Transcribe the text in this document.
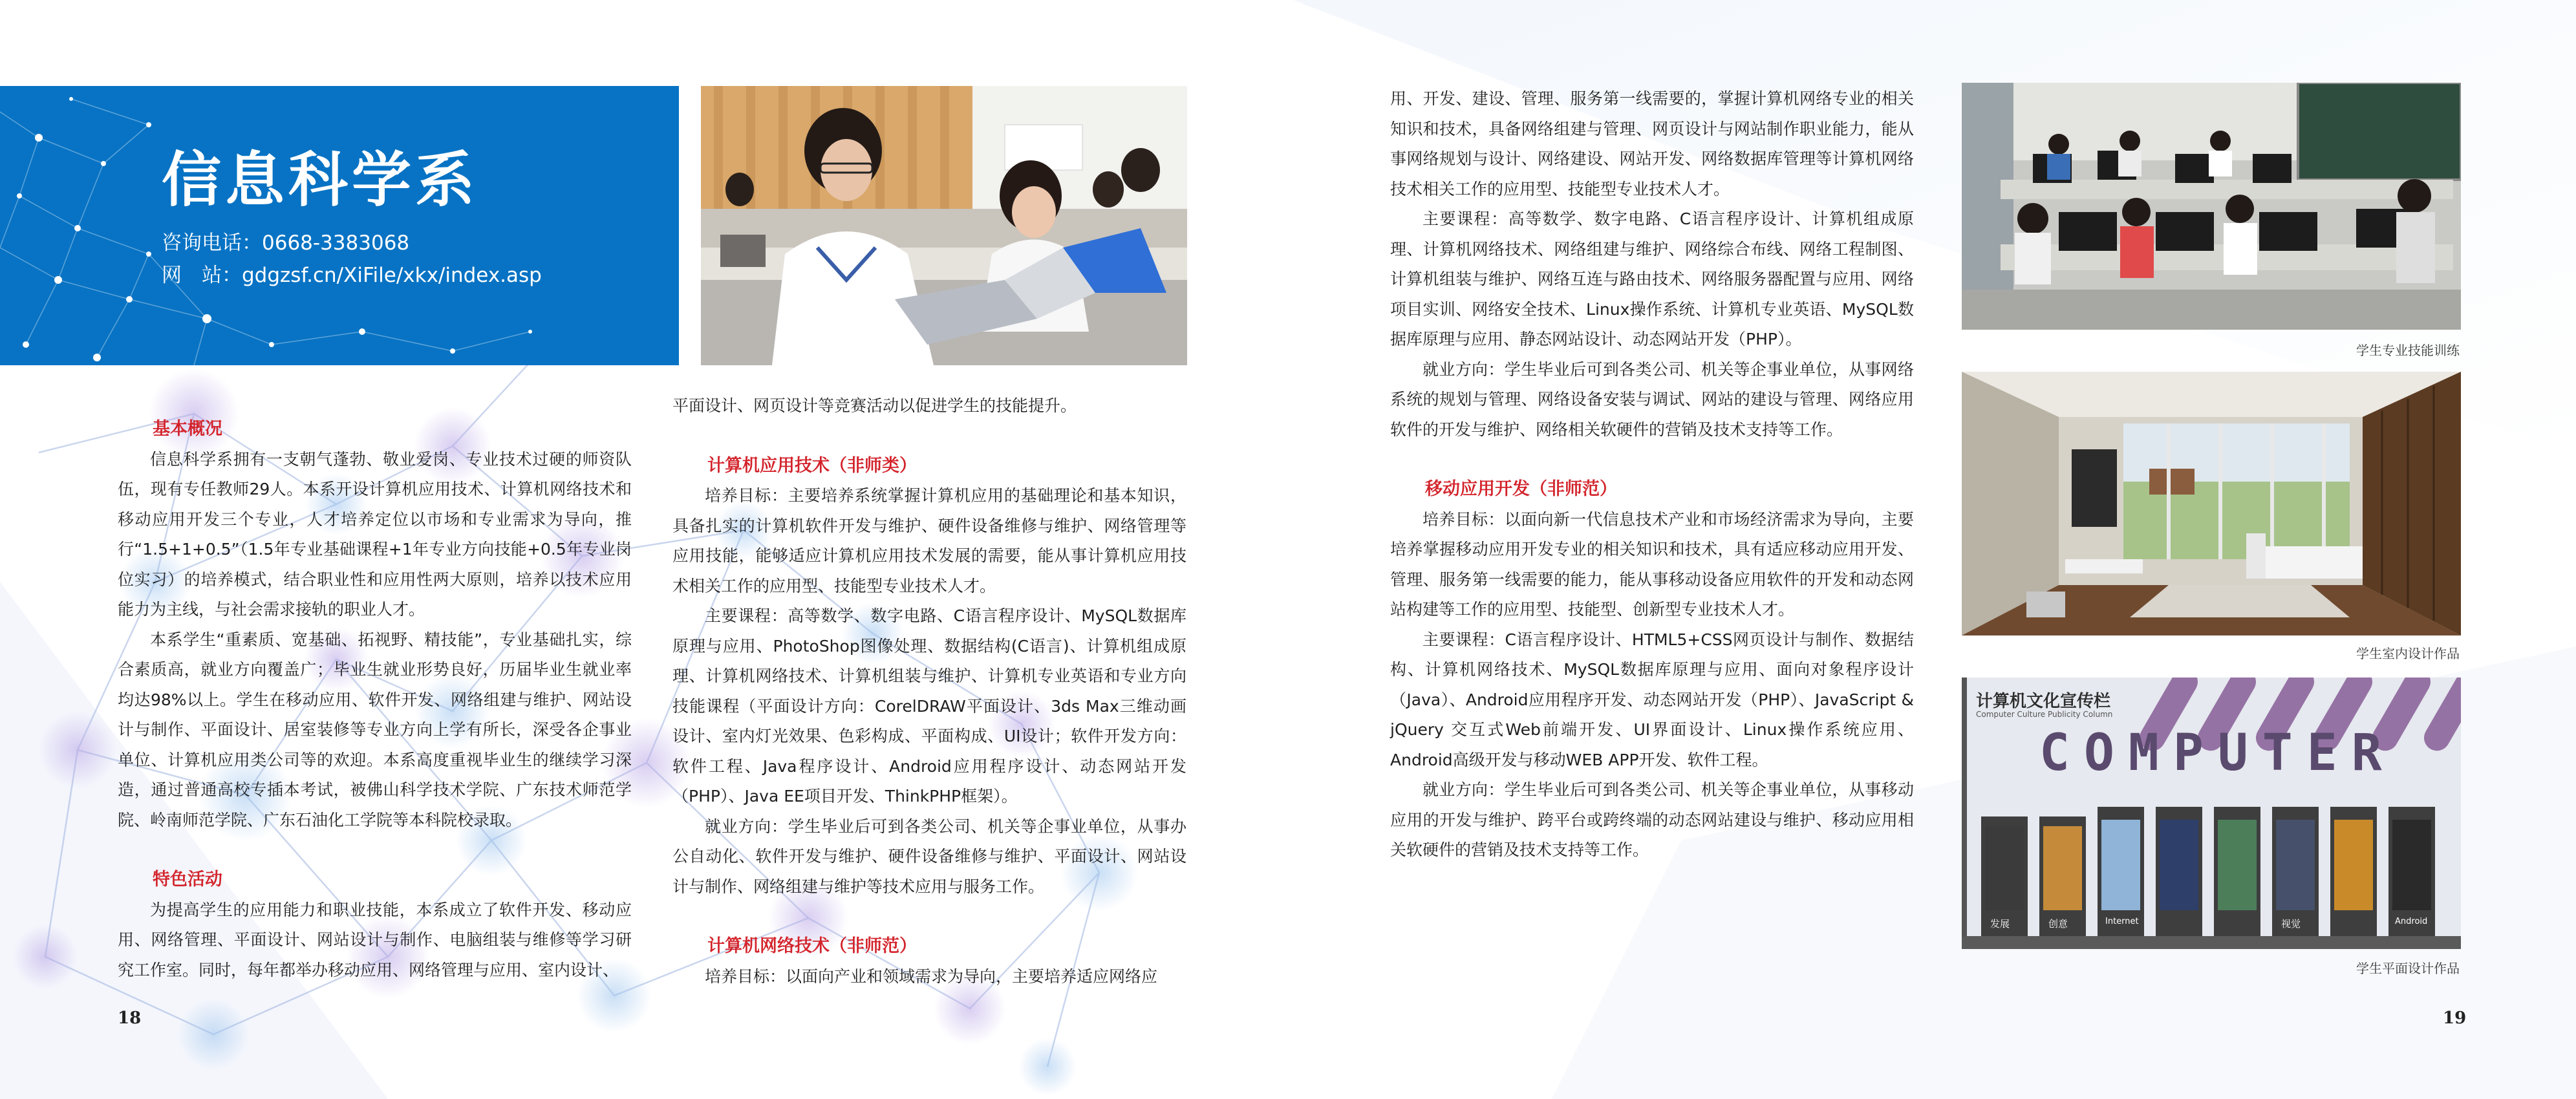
信息科学系
咨询电话：0668-3383068
网　站：gdgzsf.cn/XiFile/xkx/index.asp
基本概况

信息科学系拥有一支朝气蓬勃、敬业爱岗、专业技术过硬的师资队伍，现有专任教师29人。本系开设计算机应用技术、计算机网络技术和移动应用开发三个专业，人才培养定位以市场和专业需求为导向，推行“1.5+1+0.5”（1.5年专业基础课程+1年专业方向技能+0.5年专业岗位实习）的培养模式，结合职业性和应用性两大原则，培养以技术应用能力为主线，与社会需求接轨的职业人才。

本系学生“重素质、宽基础、拓视野、精技能”，专业基础扎实，综合素质高，就业方向覆盖广；毕业生就业形势良好，历届毕业生就业率均达98%以上。学生在移动应用、软件开发、网络组建与维护、网站设计与制作、平面设计、居室装修等专业方向上学有所长，深受各企事业单位、计算机应用类公司等的欢迎。本系高度重视毕业生的继续学习深造，通过普通高校专插本考试，被佛山科学技术学院、广东技术师范学院、岭南师范学院、广东石油化工学院等本科院校录取。

特色活动

为提高学生的应用能力和职业技能，本系成立了软件开发、移动应用、网络管理、平面设计、网站设计与制作、电脑组装与维修等学习研究工作室。同时，每年都举办移动应用、网络管理与应用、室内设计、

平面设计、网页设计等竞赛活动以促进学生的技能提升。

计算机应用技术（非师类）

培养目标：主要培养系统掌握计算机应用的基础理论和基本知识，具备扎实的计算机软件开发与维护、硬件设备维修与维护、网络管理等应用技能，能够适应计算机应用技术发展的需要，能从事计算机应用技术相关工作的应用型、技能型专业技术人才。

主要课程：高等数学、数字电路、C语言程序设计、MySQL数据库原理与应用、PhotoShop图像处理、数据结构(C语言)、计算机组成原理、计算机网络技术、计算机组装与维护、计算机专业英语和专业方向技能课程（平面设计方向：CorelDRAW平面设计、3ds Max三维动画设计、室内灯光效果、色彩构成、平面构成、UI设计；软件开发方向：软件工程、Java程序设计、Android应用程序设计、动态网站开发（PHP）、Java EE项目开发、ThinkPHP框架）。

就业方向：学生毕业后可到各类公司、机关等企事业单位，从事办公自动化、软件开发与维护、硬件设备维修与维护、平面设计、网站设计与制作、网络组建与维护等技术应用与服务工作。

计算机网络技术（非师范）

培养目标：以面向产业和领域需求为导向，主要培养适应网络应

18

用、开发、建设、管理、服务第一线需要的，掌握计算机网络专业的相关知识和技术，具备网络组建与管理、网页设计与网站制作职业能力，能从事网络规划与设计、网络建设、网站开发、网络数据库管理等计算机网络技术相关工作的应用型、技能型专业技术人才。

主要课程：高等数学、数字电路、C语言程序设计、计算机组成原理、计算机网络技术、网络组建与维护、网络综合布线、网络工程制图、计算机组装与维护、网络互连与路由技术、网络服务器配置与应用、网络项目实训、网络安全技术、Linux操作系统、计算机专业英语、MySQL数据库原理与应用、静态网站设计、动态网站开发（PHP）。

就业方向：学生毕业后可到各类公司、机关等企事业单位，从事网络系统的规划与管理、网络设备安装与调试、网站的建设与管理、网络应用软件的开发与维护、网络相关软硬件的营销及技术支持等工作。

移动应用开发（非师范）

培养目标：以面向新一代信息技术产业和市场经济需求为导向，主要培养掌握移动应用开发专业的相关知识和技术，具有适应移动应用开发、管理、服务第一线需要的能力，能从事移动设备应用软件的开发和动态网站构建等工作的应用型、技能型、创新型专业技术人才。

主要课程：C语言程序设计、HTML5+CSS网页设计与制作、数据结构、计算机网络技术、MySQL数据库原理与应用、面向对象程序设计（Java）、Android应用程序开发、动态网站开发（PHP）、JavaScript & jQuery 交互式Web前端开发、UI界面设计、Linux操作系统应用、Android高级开发与移动WEB APP开发、软件工程。

就业方向：学生毕业后可到各类公司、机关等企事业单位，从事移动应用的开发与维护、跨平台或跨终端的动态网站建设与维护、移动应用相关软硬件的营销及技术支持等工作。

学生专业技能训练
学生室内设计作品
计算机文化宣传栏
Computer Culture Publicity Column
COMPUTER
发展	创意	Internet	视觉	Android
学生平面设计作品
19
